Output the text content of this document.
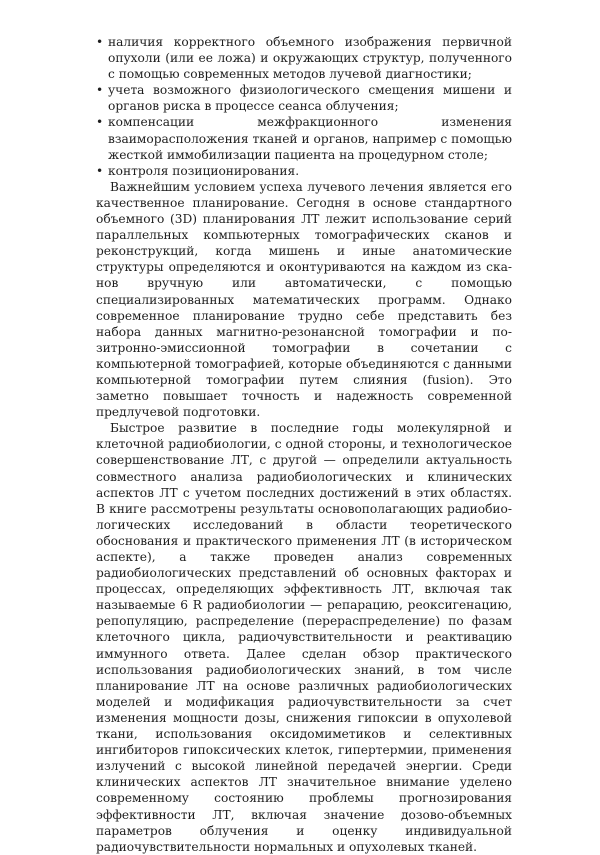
• наличия корректного объемного изображения первичной опухоли (или ее ложа) и окружающих структур, полученного с помощью современных методов лучевой диагностики;
• учета возможного физиологического смещения мишени и органов риска в процессе сеанса облучения;
• компенсации межфракционного изменения взаиморасположения тканей и органов, например с помощью жесткой иммобилизации пациента на процедурном столе;
• контроля позиционирования.

Важнейшим условием успеха лучевого лечения является его качественное планирование. Сегодня в основе стандартного объемного (3D) планирования ЛТ лежит использование серий параллельных компьютерных томографических сканов и реконструкций, когда мишень и иные анатомические структуры определяются и оконтуриваются на каждом из сканов вручную или автоматически, с помощью специализированных математических программ. Однако современное планирование трудно себе представить без набора данных магнитно-резонансной томографии и позитронно-эмиссионной томографии в сочетании с компьютерной томографией, которые объединяются с данными компьютерной томографии путем слияния (fusion). Это заметно повышает точность и надежность современной предлучевой подготовки.

Быстрое развитие в последние годы молекулярной и клеточной радиобиологии, с одной стороны, и технологическое совершенствование ЛТ, с другой — определили актуальность совместного анализа радиобиологических и клинических аспектов ЛТ с учетом последних достижений в этих областях. В книге рассмотрены результаты основополагающих радиобиологических исследований в области теоретического обоснования и практического применения ЛТ (в историческом аспекте), а также проведен анализ современных радиобиологических представлений об основных факторах и процессах, определяющих эффективность ЛТ, включая так называемые 6 R радиобиологии — репарацию, реоксигенацию, репопуляцию, распределение (перераспределение) по фазам клеточного цикла, радиочувствительности и реактивацию иммунного ответа. Далее сделан обзор практического использования радиобиологических знаний, в том числе планирование ЛТ на основе различных радиобиологических моделей и модификация радиочувствительности за счет изменения мощности дозы, снижения гипоксии в опухолевой ткани, использования оксидомиметиков и селективных ингибиторов гипоксических клеток, гипертермии, применения излучений с высокой линейной передачей энергии. Среди клинических аспектов ЛТ значительное внимание уделено современному состоянию проблемы прогнозирования эффективности ЛТ, включая значение дозово-объемных параметров облучения и оценку индивидуальной радиочувствительности нормальных и опухолевых тканей.
